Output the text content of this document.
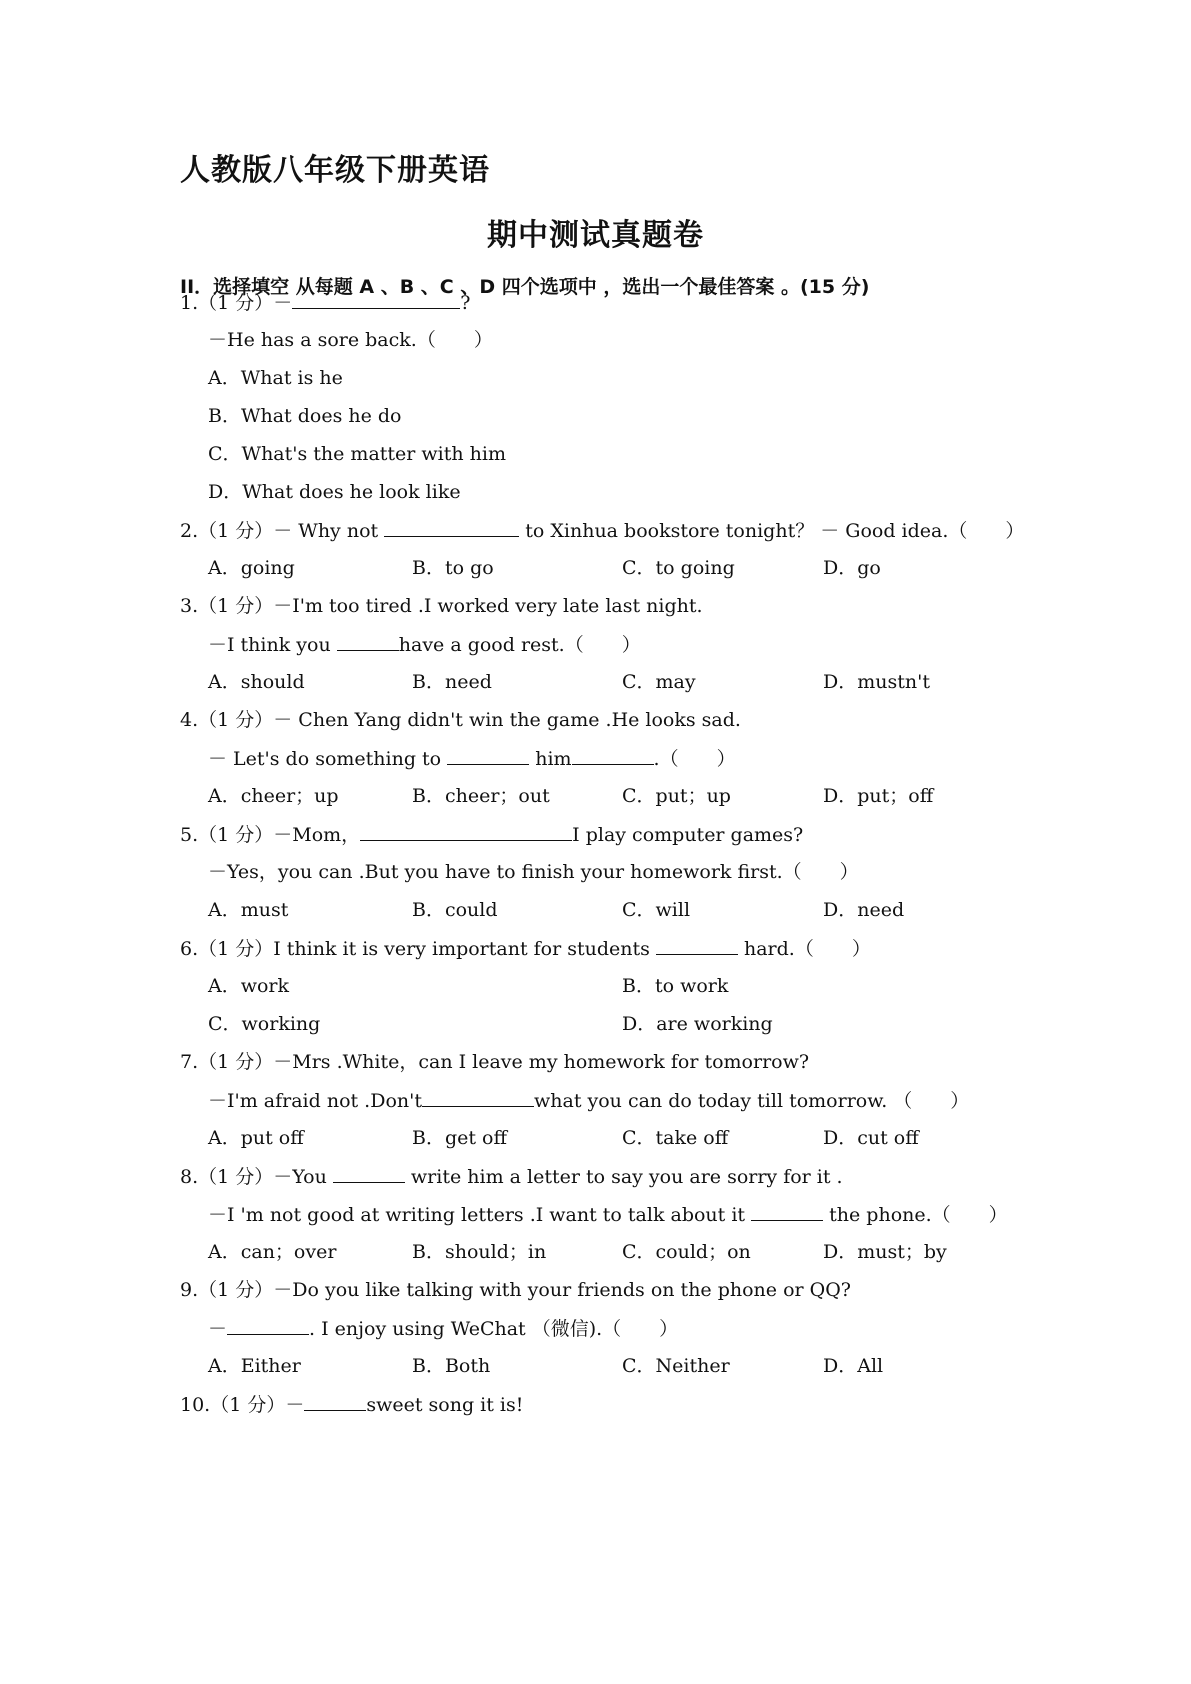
人教版八年级下册英语
期中测试真题卷
II．选择填空 从每题 A 、B 、C 、D 四个选项中 ，选出一个最佳答案 。(15 分)
1.（1 分）－	?
－He has a sore back.（　　）
A．What is he
B．What does he do
C．What's the matter with him
D．What does he look like
2.（1 分）－ Why not	to Xinhua bookstore tonight？ － Good idea.（　　）
A．going	B．to go	C．to going	D．go
3.（1 分）－I'm too tired .I worked very late last night.
－I think you	have a good rest.（　　）
A．should	B．need	C．may	D．mustn't
4.（1 分）－ Chen Yang didn't win the game .He looks sad.
－ Let's do something to	him	.（　　）
A．cheer；up	B．cheer；out	C．put；up	D．put；off
5.（1 分）－Mom，	I play computer games?
－Yes，you can .But you have to finish your homework first.（　　）
A．must	B．could	C．will	D．need
6.（1 分）I think it is very important for students	hard.（　　）
A．work	B．to work
C．working	D．are working
7.（1 分）－Mrs .White，can I leave my homework for tomorrow?
－I'm afraid not .Don't	what you can do today till tomorrow. （　　）
A．put off	B．get off	C．take off	D．cut off
8.（1 分）－You	write him a letter to say you are sorry for it .
－I 'm not good at writing letters .I want to talk about it	the phone.（　　）
A．can；over	B．should；in	C．could；on	D．must；by
9.（1 分）－Do you like talking with your friends on the phone or QQ?
－	. I enjoy using WeChat （微信).（　　）
A．Either	B．Both	C．Neither	D．All
10.（1 分）－	sweet song it is!
